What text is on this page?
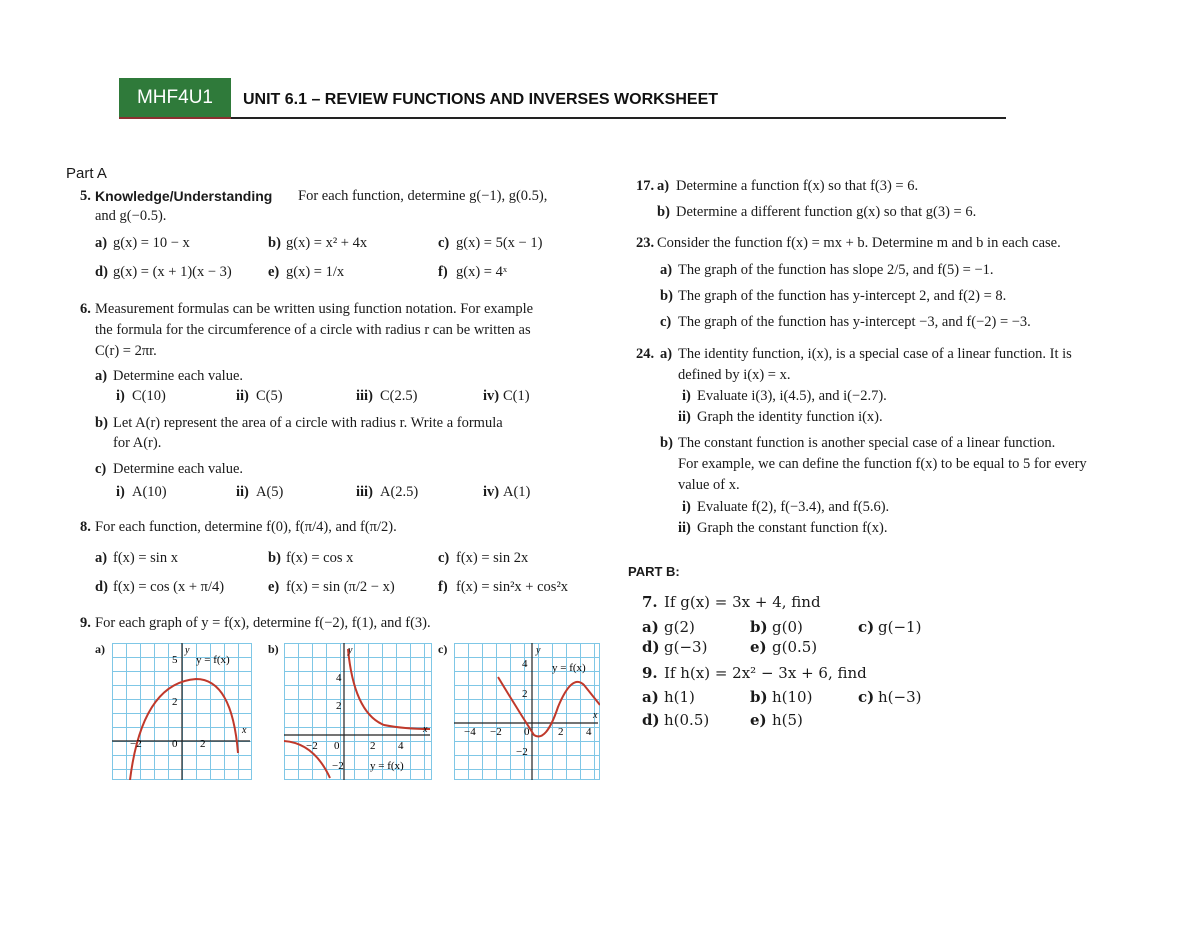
MHF4U1	UNIT 6.1 – REVIEW FUNCTIONS AND INVERSES WORKSHEET
Part A
5. Knowledge/Understanding For each function, determine g(−1), g(0.5),
and g(−0.5).
a) g(x) = 10 − x	b) g(x) = x² + 4x	c) g(x) = 5(x − 1)
d) g(x) = (x + 1)(x − 3) e) g(x) = 1/x	f) g(x) = 4ˣ
6. Measurement formulas can be written using function notation. For example
the formula for the circumference of a circle with radius r can be written as
C(r) = 2πr.
a) Determine each value.
i) C(10)	ii) C(5)	iii) C(2.5)	iv) C(1)
b) Let A(r) represent the area of a circle with radius r. Write a formula
for A(r).
c) Determine each value.
i) A(10)	ii) A(5)	iii) A(2.5)	iv) A(1)
8. For each function, determine f(0), f(π/4), and f(π/2).
a) f(x) = sin x	b) f(x) = cos x	c) f(x) = sin 2x
d) f(x) = cos (x + π/4)	e) f(x) = sin (π/2 − x)	f) f(x) = sin²x + cos²x
9. For each graph of y = f(x), determine f(−2), f(1), and f(3).
a)	y
x
y = f(x)
5
2
−2	0 2
b)	y
x
4
2
−2
−2 0	2 4
y = f(x)
c)	y
x
y = f(x)
4
2
−2
−4 −2 0	2 4
17. a) Determine a function f(x) so that f(3) = 6.
b) Determine a different function g(x) so that g(3) = 6.
23. Consider the function f(x) = mx + b. Determine m and b in each case.
a) The graph of the function has slope 2/5, and f(5) = −1.
b) The graph of the function has y-intercept 2, and f(2) = 8.
c) The graph of the function has y-intercept −3, and f(−2) = −3.
24. a) The identity function, i(x), is a special case of a linear function. It is
defined by i(x) = x.
i) Evaluate i(3), i(4.5), and i(−2.7).
ii) Graph the identity function i(x).
b) The constant function is another special case of a linear function.
For example, we can define the function f(x) to be equal to 5 for every
value of x.
i) Evaluate f(2), f(−3.4), and f(5.6).
ii) Graph the constant function f(x).
PART B:
7. If g(x) = 3x + 4, find
a) g(2)	b) g(0)	c) g(−1)
d) g(−3)	e) g(0.5)
9. If h(x) = 2x² − 3x + 6, find
a) h(1)	b) h(10)	c) h(−3)
d) h(0.5)	e) h(5)
